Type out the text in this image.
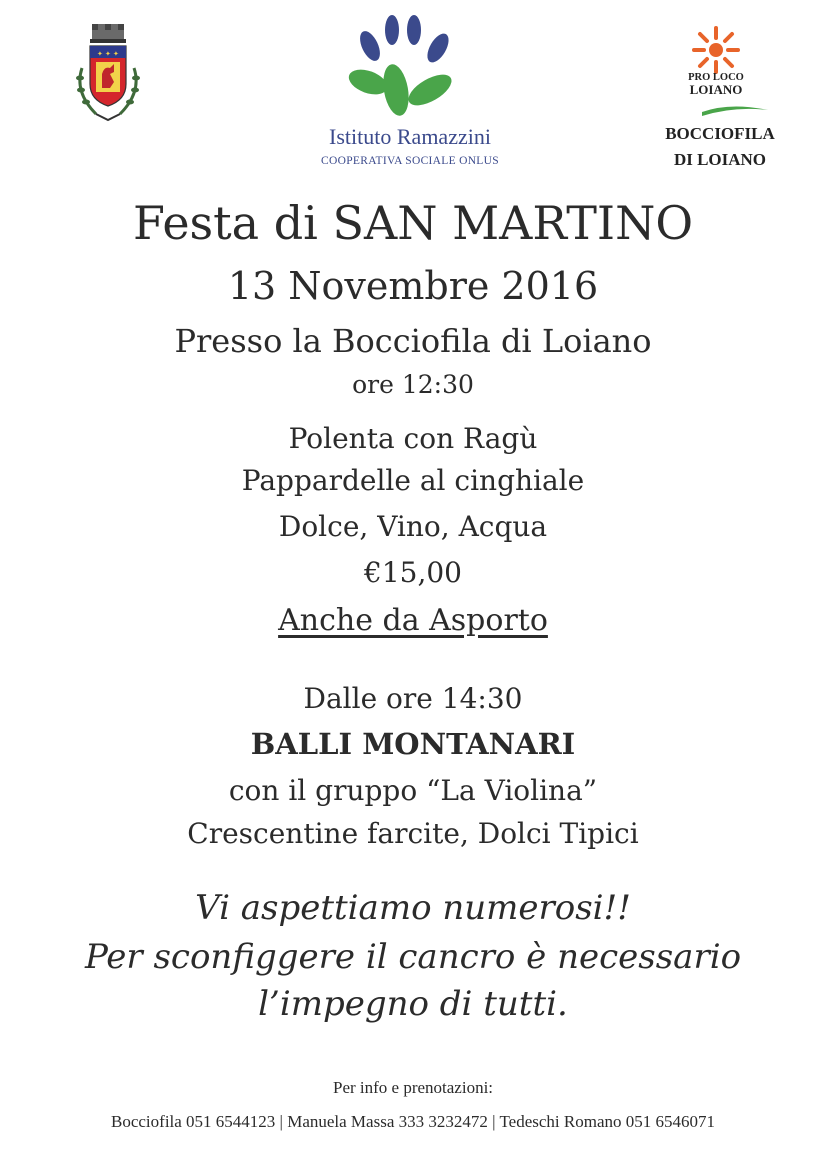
✦ ✦ ✦
Istituto Ramazzini
COOPERATIVA SOCIALE ONLUS
PRO LOCO
LOIANO
BOCCIOFILA
DI LOIANO
Festa di SAN MARTINO
13 Novembre 2016
Presso la Bocciofila di Loiano
ore 12:30
Polenta con Ragù
Pappardelle al cinghiale
Dolce, Vino, Acqua
€15,00
Anche da Asporto
Dalle ore 14:30
BALLI MONTANARI
con il gruppo “La Violina”
Crescentine farcite, Dolci Tipici
Vi aspettiamo numerosi!!
Per sconfiggere il cancro è necessario
l’impegno di tutti.
Per info e prenotazioni:
Bocciofila 051 6544123 | Manuela Massa 333 3232472 | Tedeschi Romano 051 6546071
